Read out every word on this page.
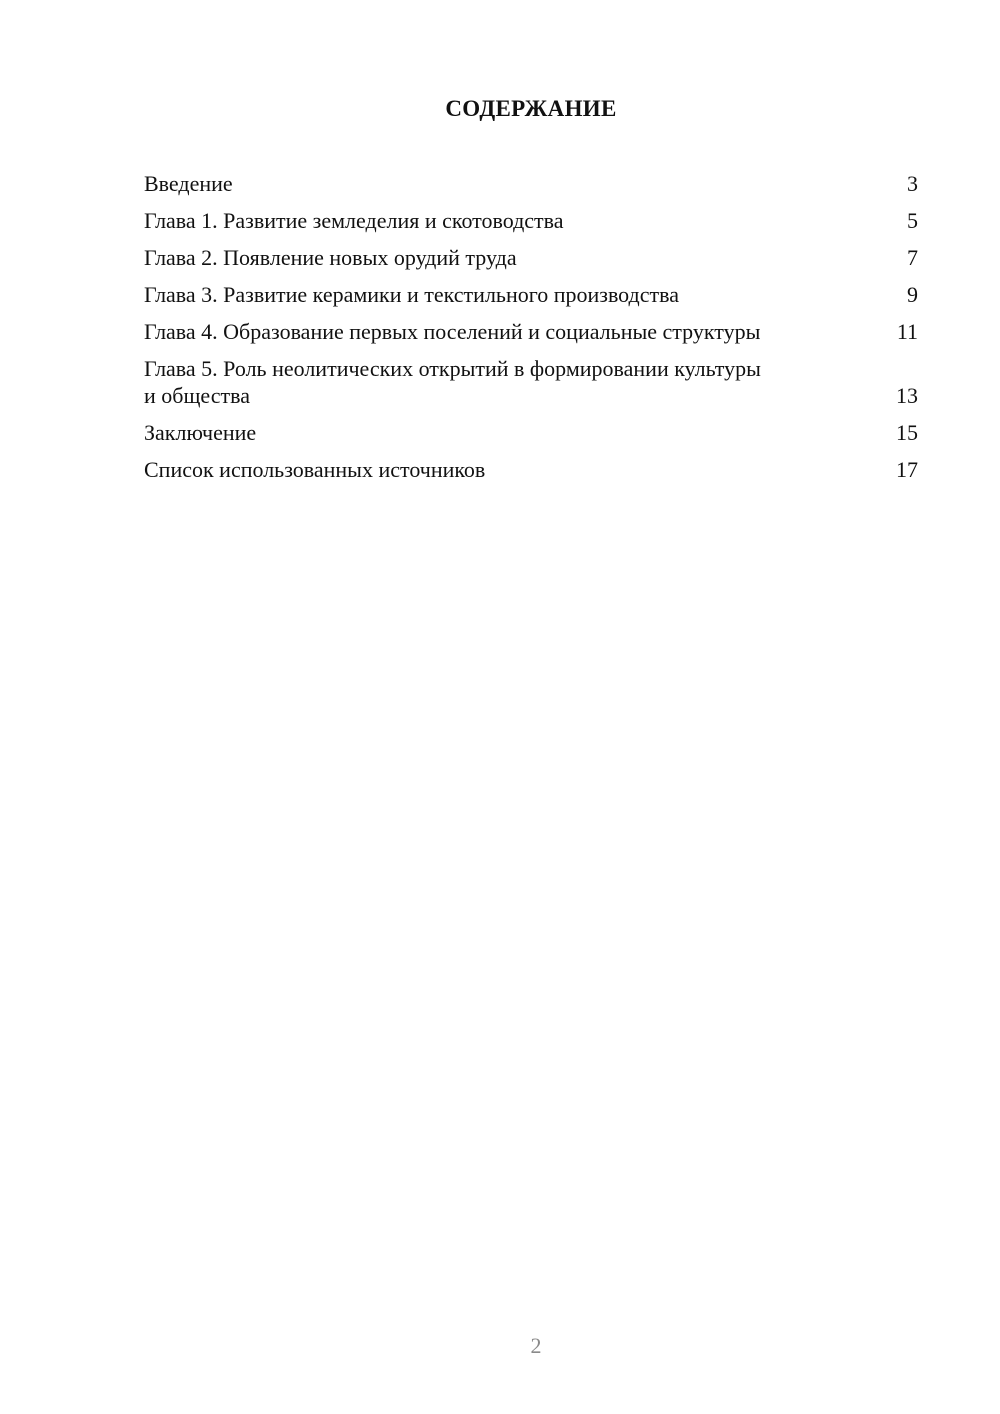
СОДЕРЖАНИЕ
Введение	3
Глава 1. Развитие земледелия и скотоводства	5
Глава 2. Появление новых орудий труда	7
Глава 3. Развитие керамики и текстильного производства	9
Глава 4. Образование первых поселений и социальные структуры	11
Глава 5. Роль неолитических открытий в формировании культуры и общества	13
Заключение	15
Список использованных источников	17
2
